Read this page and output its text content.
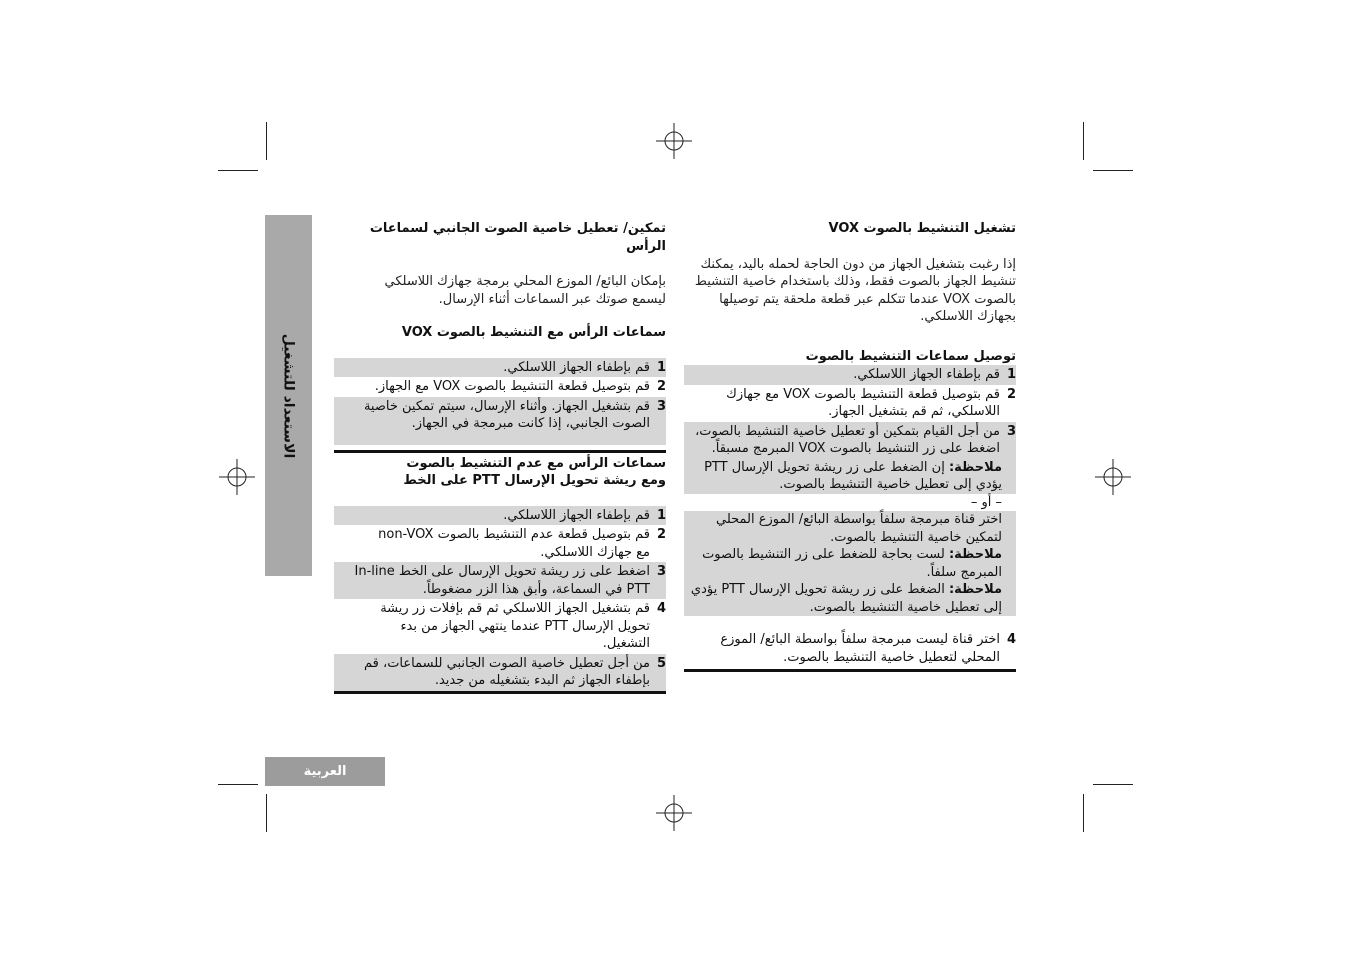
الاستعداد للتشغيل
العربية
تشغيل التنشيط بالصوت VOX
إذا رغبت بتشغيل الجهاز من دون الحاجة لحمله باليد، يمكنك تنشيط الجهاز بالصوت فقط، وذلك باستخدام خاصية التنشيط بالصوت VOX عندما تتكلم عبر قطعة ملحقة يتم توصيلها بجهازك اللاسلكي.
توصيل سماعات التنشيط بالصوت
1
قم بإطفاء الجهاز اللاسلكي.
2
قم بتوصيل قطعة التنشيط بالصوت VOX مع جهازك اللاسلكي، ثم قم بتشغيل الجهاز.
3
من أجل القيام بتمكين أو تعطيل خاصية التنشيط بالصوت، اضغط على زر التنشيط بالصوت VOX المبرمج مسبقاً.
ملاحظة: إن الضغط على زر ريشة تحويل الإرسال PTT يؤدي إلى تعطيل خاصية التنشيط بالصوت.
– أو –
اختر قناة مبرمجة سلفاً بواسطة البائع/ الموزع المحلي لتمكين خاصية التنشيط بالصوت.
ملاحظة: لست بحاجة للضغط على زر التنشيط بالصوت المبرمج سلفاً.
ملاحظة: الضغط على زر ريشة تحويل الإرسال PTT يؤدي إلى تعطيل خاصية التنشيط بالصوت.
4
اختر قناة ليست مبرمجة سلفاً بواسطة البائع/ الموزع المحلي لتعطيل خاصية التنشيط بالصوت.
تمكين/ تعطيل خاصية الصوت الجانبي لسماعات الرأس
بإمكان البائع/ الموزع المحلي برمجة جهازك اللاسلكي ليسمع صوتك عبر السماعات أثناء الإرسال.
سماعات الرأس مع التنشيط بالصوت VOX
1
قم بإطفاء الجهاز اللاسلكي.
2
قم بتوصيل قطعة التنشيط بالصوت VOX مع الجهاز.
3
قم بتشغيل الجهاز. وأثناء الإرسال، سيتم تمكين خاصية الصوت الجانبي، إذا كانت مبرمجة في الجهاز.
سماعات الرأس مع عدم التنشيط بالصوت ومع ريشة تحويل الإرسال PTT على الخط
1
قم بإطفاء الجهاز اللاسلكي.
2
قم بتوصيل قطعة عدم التنشيط بالصوت non-VOX مع جهازك اللاسلكي.
3
اضغط على زر ريشة تحويل الإرسال على الخط In-line PTT في السماعة، وأبق هذا الزر مضغوطاً.
4
قم بتشغيل الجهاز اللاسلكي ثم قم بإفلات زر ريشة تحويل الإرسال PTT عندما ينتهي الجهاز من بدء التشغيل.
5
من أجل تعطيل خاصية الصوت الجانبي للسماعات، قم بإطفاء الجهاز ثم البدء بتشغيله من جديد.
